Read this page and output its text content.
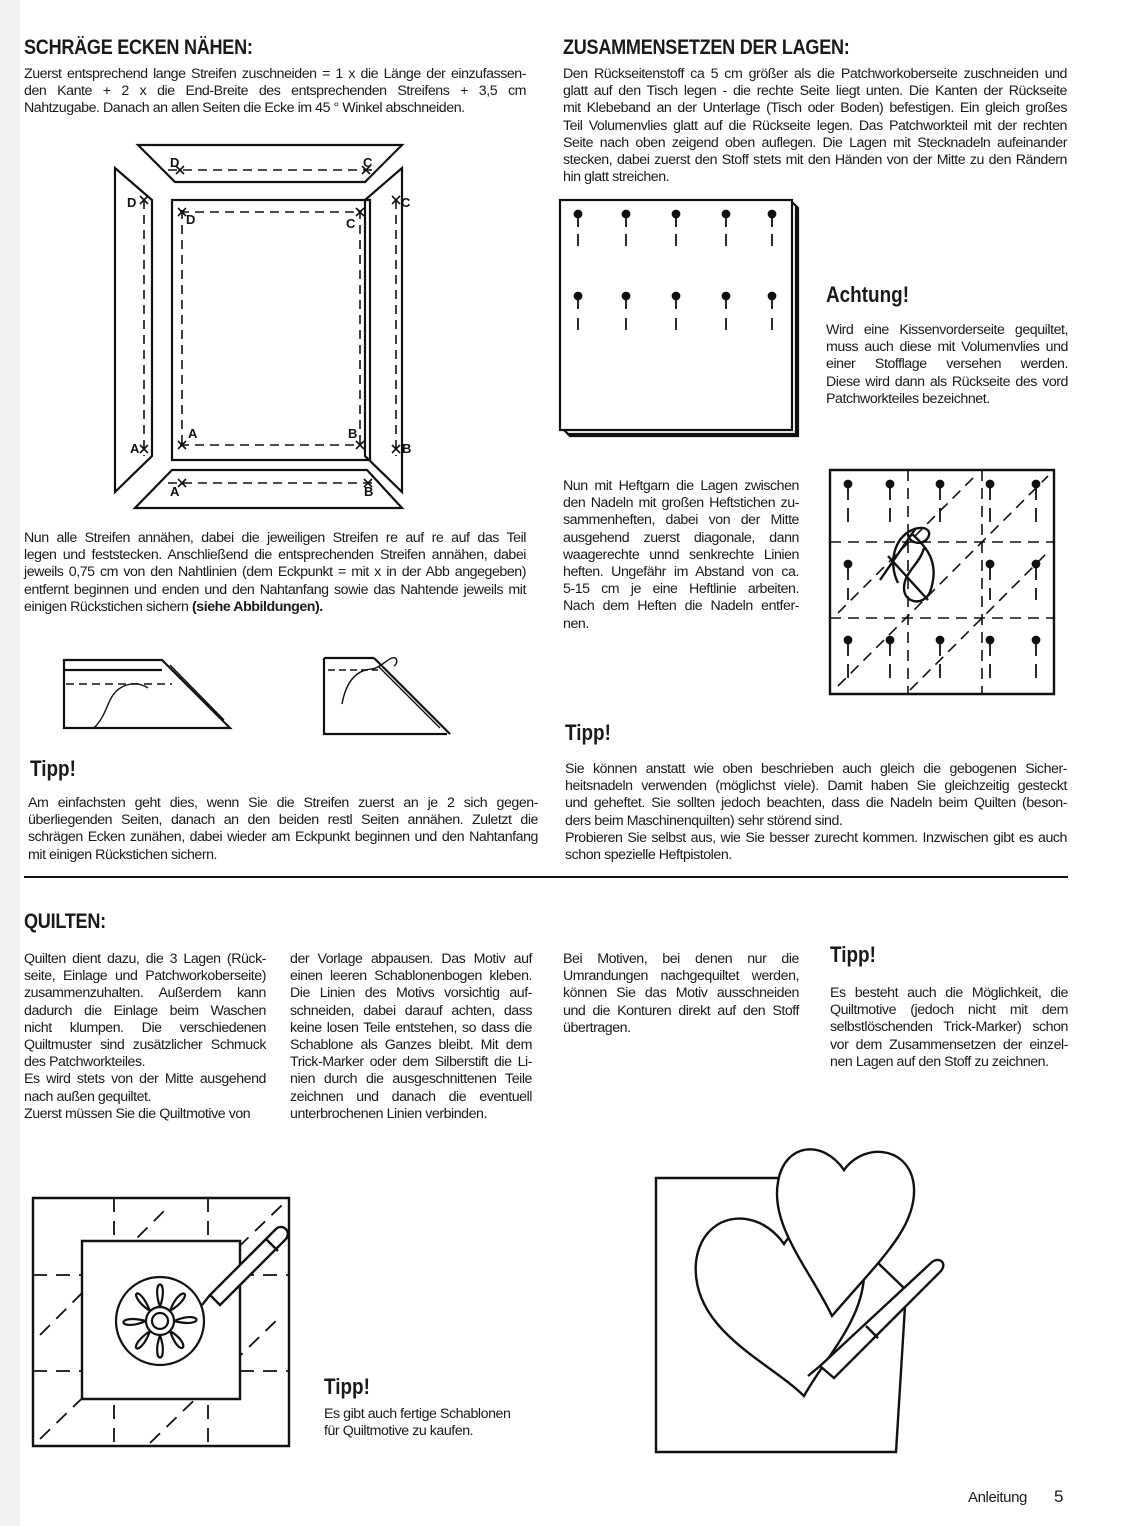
SCHRÄGE ECKEN NÄHEN:
Zuerst entsprechend lange Streifen zuschneiden = 1 x die Länge der einzufassen-
den Kante + 2 x die End-Breite des entsprechenden Streifens + 3,5 cm
Nahtzugabe. Danach an allen Seiten die Ecke im 45 ° Winkel abschneiden.
D	C
D	C
D	C
A	B
A	B
A	B
Nun alle Streifen annähen, dabei die jeweiligen Streifen re auf re auf das Teil
legen und feststecken. Anschließend die entsprechenden Streifen annähen, dabei
jeweils 0,75 cm von den Nahtlinien (dem Eckpunkt = mit x in der Abb angegeben)
entfernt beginnen und enden und den Nahtanfang sowie das Nahtende jeweils mit
einigen Rückstichen sichern (siehe Abbildungen).
Tipp!
Am einfachsten geht dies, wenn Sie die Streifen zuerst an je 2 sich gegen-
überliegenden Seiten, danach an den beiden restl Seiten annähen. Zuletzt die
schrägen Ecken zunähen, dabei wieder am Eckpunkt beginnen und den Nahtanfang
mit einigen Rückstichen sichern.
ZUSAMMENSETZEN DER LAGEN:
Den Rückseitenstoff ca 5 cm größer als die Patchworkoberseite zuschneiden und
glatt auf den Tisch legen - die rechte Seite liegt unten. Die Kanten der Rückseite
mit Klebeband an der Unterlage (Tisch oder Boden) befestigen. Ein gleich großes
Teil Volumenvlies glatt auf die Rückseite legen. Das Patchworkteil mit der rechten
Seite nach oben zeigend oben auflegen. Die Lagen mit Stecknadeln aufeinander
stecken, dabei zuerst den Stoff stets mit den Händen von der Mitte zu den Rändern
hin glatt streichen.
Achtung!
Wird eine Kissenvorderseite gequiltet,
muss auch diese mit Volumenvlies und
einer Stofflage versehen werden.
Diese wird dann als Rückseite des vord
Patchworkteiles bezeichnet.
Nun mit Heftgarn die Lagen zwischen
den Nadeln mit großen Heftstichen zu-
sammenheften, dabei von der Mitte
ausgehend zuerst diagonale, dann
waagerechte unnd senkrechte Linien
heften. Ungefähr im Abstand von ca.
5-15 cm je eine Heftlinie arbeiten.
Nach dem Heften die Nadeln entfer-
nen.
Tipp!
Sie können anstatt wie oben beschrieben auch gleich die gebogenen Sicher-
heitsnadeln verwenden (möglichst viele). Damit haben Sie gleichzeitig gesteckt
und geheftet. Sie sollten jedoch beachten, dass die Nadeln beim Quilten (beson-
ders beim Maschinenquilten) sehr störend sind.
Probieren Sie selbst aus, wie Sie besser zurecht kommen. Inzwischen gibt es auch
schon spezielle Heftpistolen.
QUILTEN:
Quilten dient dazu, die 3 Lagen (Rück-
seite, Einlage und Patchworkoberseite)
zusammenzuhalten. Außerdem kann
dadurch die Einlage beim Waschen
nicht klumpen. Die verschiedenen
Quiltmuster sind zusätzlicher Schmuck
des Patchworkteiles.
Es wird stets von der Mitte ausgehend
nach außen gequiltet.
Zuerst müssen Sie die Quiltmotive von
der Vorlage abpausen. Das Motiv auf
einen leeren Schablonenbogen kleben.
Die Linien des Motivs vorsichtig auf-
schneiden, dabei darauf achten, dass
keine losen Teile entstehen, so dass die
Schablone als Ganzes bleibt. Mit dem
Trick-Marker oder dem Silberstift die Li-
nien durch die ausgeschnittenen Teile
zeichnen und danach die eventuell
unterbrochenen Linien verbinden.
Bei Motiven, bei denen nur die
Umrandungen nachgequiltet werden,
können Sie das Motiv ausschneiden
und die Konturen direkt auf den Stoff
übertragen.
Tipp!
Es besteht auch die Möglichkeit, die
Quiltmotive (jedoch nicht mit dem
selbstlöschenden Trick-Marker) schon
vor dem Zusammensetzen der einzel-
nen Lagen auf den Stoff zu zeichnen.
Tipp!
Es gibt auch fertige Schablonen
für Quiltmotive zu kaufen.
Anleitung 5
